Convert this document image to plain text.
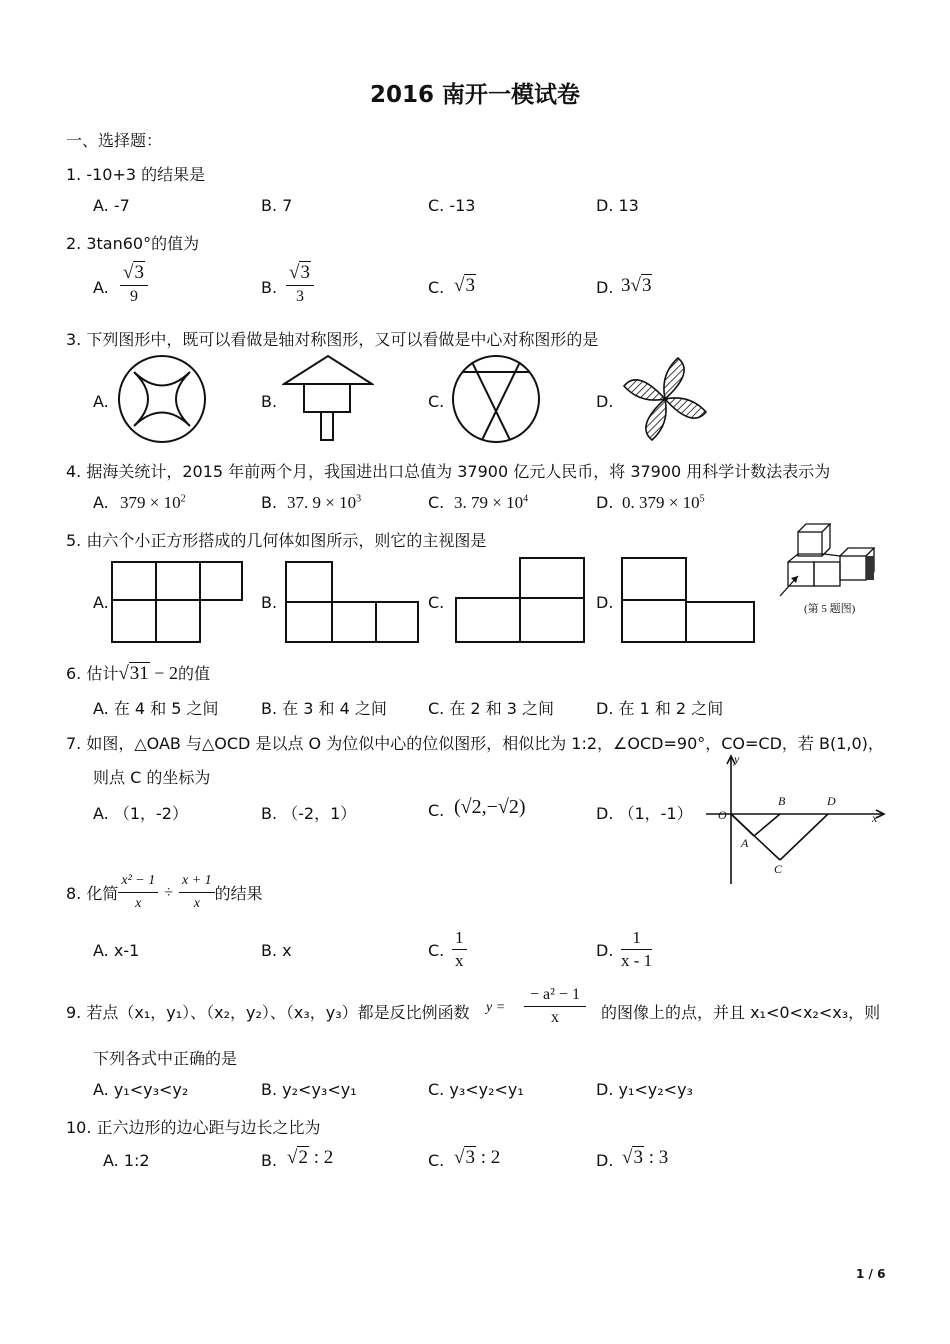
2016 南开一模试卷
一、选择题：
1. -10+3 的结果是
A. -7	B. 7	C. -13	D. 13
2. 3tan60°的值为
A. $\frac{√3}{9}$	B. $\frac{√3}{3}$	C. √3	D. 3√3
3. 下列图形中，既可以看做是轴对称图形，又可以看做是中心对称图形的是
A.	B.	C.	D.
4. 据海关统计，2015 年前两个月，我国进出口总值为 37900 亿元人民币，将 37900 用科学计数法表示为
A. $379 \times 10^2$	B. 37. $9 \times 10^3$	C. 3. $79 \times 10^4$	D. 0. $379 \times 10^5$
5. 由六个小正方形搭成的几何体如图所示，则它的主视图是
A.	B.	C.	D.	(第 5 题图)
6. 估计√31 − 2的值
A. 在 4 和 5 之间	B. 在 3 和 4 之间	C. 在 2 和 3 之间	D. 在 1 和 2 之间
7. 如图，△OAB 与△OCD 是以点 O 为位似中心的位似图形，相似比为 1:2，∠OCD=90°，CO=CD，若 B(1,0)，
则点 C 的坐标为
A. （1，-2）	B. （-2，1）	C. (√2,−√2)	D. （1，-1）
y
x
O
A
B
C
D
8. 化简 $\frac{\text{x² − 1}}{x} \div \frac{x + 1}{x}$ 的结果
A. x-1	B. x	C. $\frac{1}{x}$	D. $\frac{1}{x - 1}$
9. 若点（x₁，y₁）、（x₂，y₂）、（x₃，y₃）都是反比例函数 $y = \frac{\text{− a² − 1}}{x}$ 的图像上的点，并且 x₁<0<x₂<x₃，则
下列各式中正确的是
A. y₁<y₃<y₂	B. y₂<y₃<y₁	C. y₃<y₂<y₁	D. y₁<y₂<y₃
10. 正六边形的边心距与边长之比为
A. 1:2	B. √2 : 2	C. √3 : 2	D. √3 : 3
1 / 6
